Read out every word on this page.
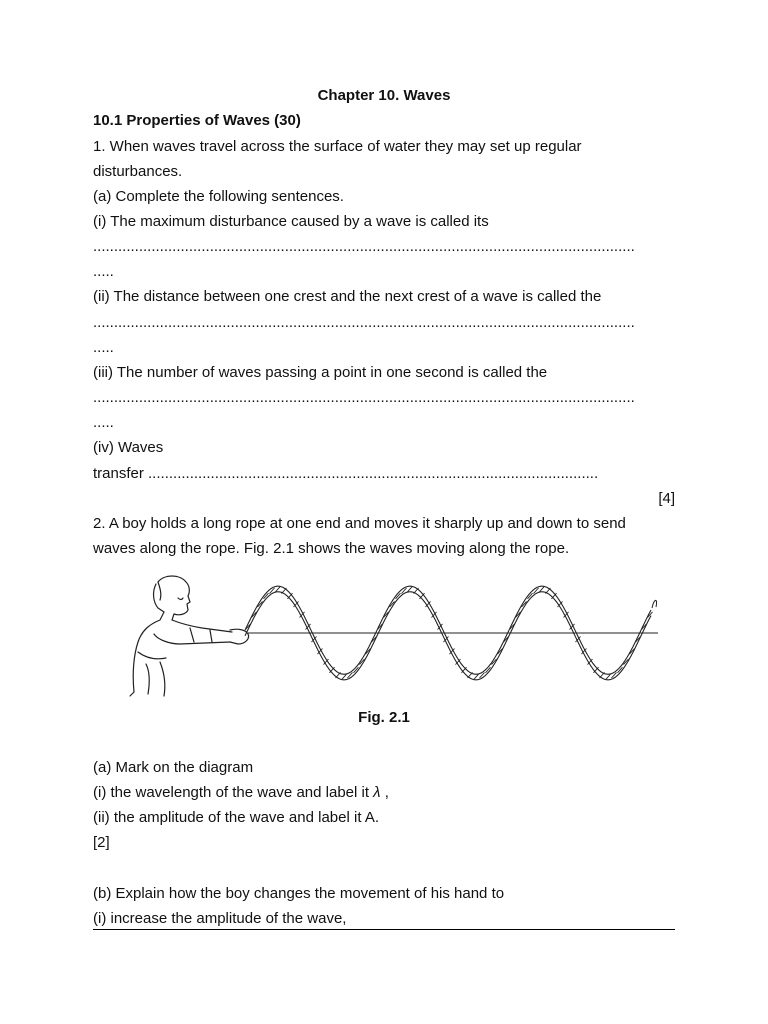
Chapter 10. Waves
10.1 Properties of Waves (30)
1. When waves travel across the surface of water they may set up regular
disturbances.
(a) Complete the following sentences.
(i) The maximum disturbance caused by a wave is called its
..................................................................................................................................
.....
(ii) The distance between one crest and the next crest of a wave is called the
..................................................................................................................................
.....
(iii) The number of waves passing a point in one second is called the
..................................................................................................................................
.....
(iv) Waves
transfer ............................................................................................................
[4]
2. A boy holds a long rope at one end and moves it sharply up and down to send
waves along the rope. Fig. 2.1 shows the waves moving along the rope.
Fig. 2.1
(a) Mark on the diagram
(i) the wavelength of the wave and label it λ ,
(ii) the amplitude of the wave and label it A.
[2]
(b) Explain how the boy changes the movement of his hand to
(i) increase the amplitude of the wave,
